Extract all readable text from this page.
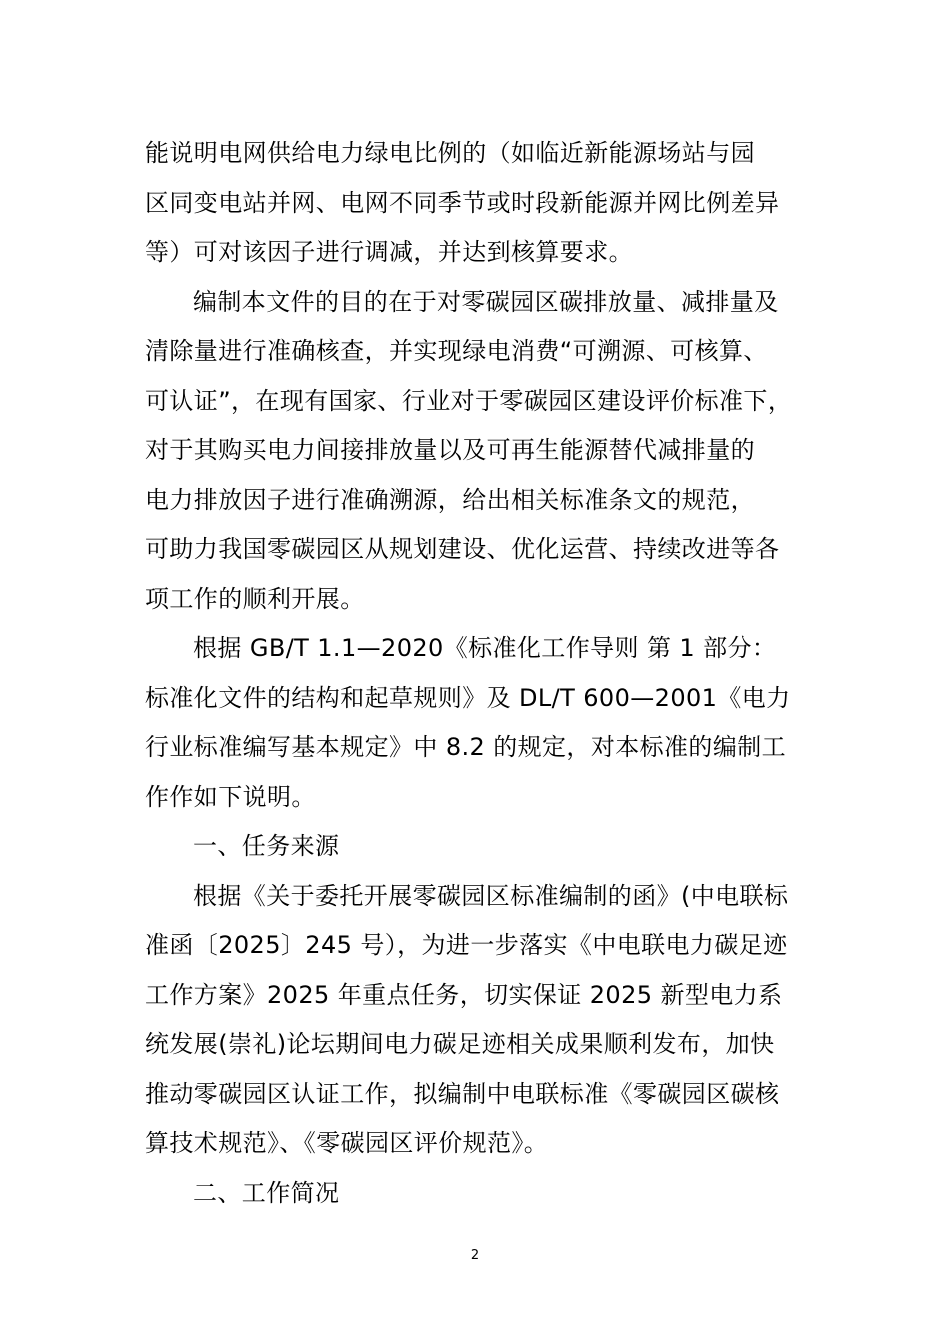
能说明电网供给电力绿电比例的（如临近新能源场站与园
区同变电站并网、电网不同季节或时段新能源并网比例差异
等）可对该因子进行调减，并达到核算要求。
编制本文件的目的在于对零碳园区碳排放量、减排量及
清除量进行准确核查，并实现绿电消费“可溯源、可核算、
可认证”，在现有国家、行业对于零碳园区建设评价标准下，
对于其购买电力间接排放量以及可再生能源替代减排量的
电力排放因子进行准确溯源，给出相关标准条文的规范，
可助力我国零碳园区从规划建设、优化运营、持续改进等各
项工作的顺利开展。
根据 GB/T 1.1—2020《标准化工作导则 第 1 部分：
标准化文件的结构和起草规则》及 DL/T 600—2001《电力
行业标准编写基本规定》中 8.2 的规定，对本标准的编制工
作作如下说明。
一、任务来源
根据《关于委托开展零碳园区标准编制的函》(中电联标
准函〔2025〕245 号），为进一步落实《中电联电力碳足迹
工作方案》2025 年重点任务，切实保证 2025 新型电力系
统发展(崇礼)论坛期间电力碳足迹相关成果顺利发布，加快
推动零碳园区认证工作，拟编制中电联标准《零碳园区碳核
算技术规范》、《零碳园区评价规范》。
二、工作简况
2
